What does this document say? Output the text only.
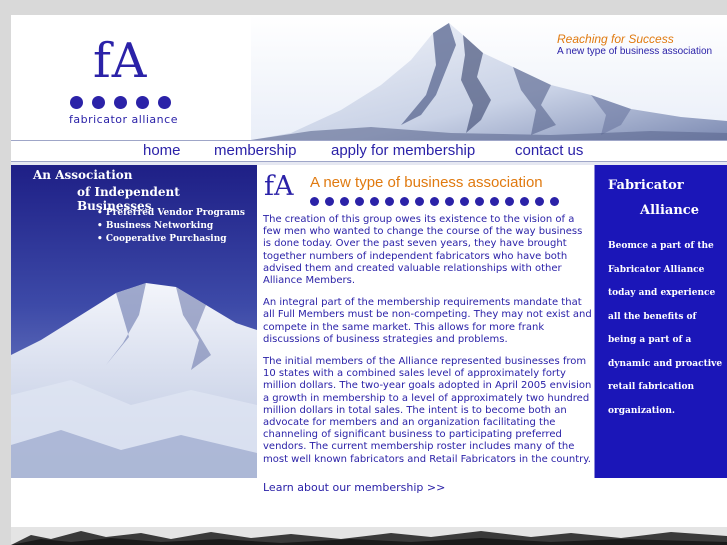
fA
fabricator alliance
Reaching for Success
A new type of business association
home membership apply for membership	contact us
An Association
of Independent Businesses
• Preferred Vendor Programs
• Business Networking
• Cooperative Purchasing
fA A new type of business association

The creation of this group owes its existence to the vision of a few men who wanted to change the course of the way business is done today. Over the past seven years, they have brought together numbers of independent fabricators who have both advised them and created valuable relationships with other Alliance Members.

An integral part of the membership requirements mandate that all Full Members must be non-competing. They may not exist and compete in the same market. This allows for more frank discussions of business strategies and problems.

The initial members of the Alliance represented businesses from 10 states with a combined sales level of approximately forty million dollars. The two-year goals adopted in April 2005 envision a growth in membership to a level of approximately two hundred million dollars in total sales. The intent is to become both an advocate for members and an organization facilitating the channeling of significant business to participating preferred vendors. The current membership roster includes many of the most well known fabricators and Retail Fabricators in the country.

Learn about our membership >>
Fabricator
Alliance
Beomce a part of the Fabricator Alliance today and experience all the benefits of being a part of a dynamic and proactive retail fabrication organization.
